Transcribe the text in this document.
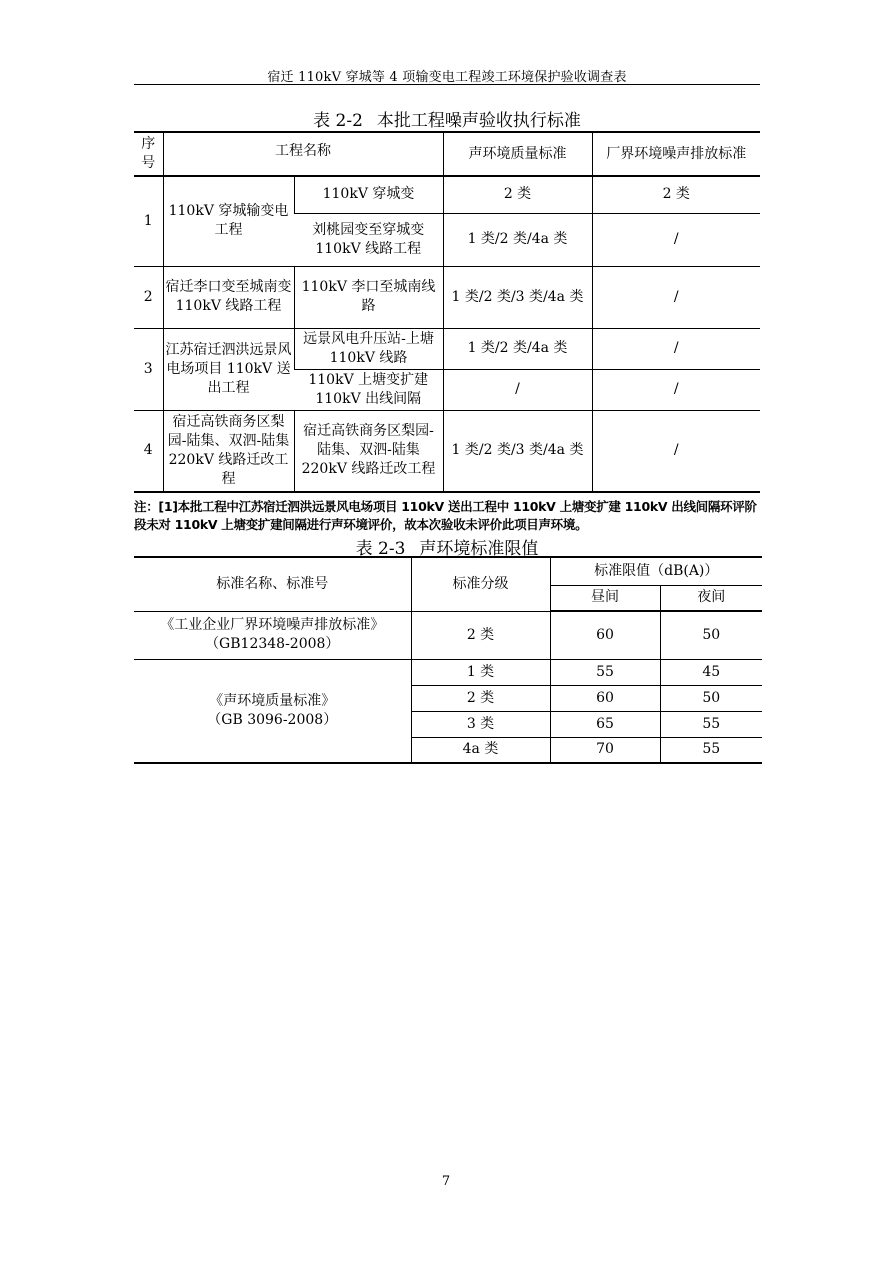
宿迁 110kV 穿城等 4 项输变电工程竣工环境保护验收调查表
表 2-2 本批工程噪声验收执行标准
序号	工程名称		声环境质量标准	厂界环境噪声排放标准
1	110kV 穿城输变电工程	110kV 穿城变	2 类	2 类
		刘桃园变至穿城变 110kV 线路工程	1 类/2 类/4a 类	/
2	宿迁李口变至城南变 110kV 线路工程	110kV 李口至城南线路	1 类/2 类/3 类/4a 类	/
3	江苏宿迁泗洪远景风电场项目 110kV 送出工程	远景风电升压站-上塘 110kV 线路	1 类/2 类/4a 类	/
		110kV 上塘变扩建 110kV 出线间隔	/	/
4	宿迁高铁商务区梨园-陆集、双泗-陆集 220kV 线路迁改工程	宿迁高铁商务区梨园-陆集、双泗-陆集 220kV 线路迁改工程	1 类/2 类/3 类/4a 类	/
注：[1]本批工程中江苏宿迁泗洪远景风电场项目 110kV 送出工程中 110kV 上塘变扩建 110kV 出线间隔环评阶段未对 110kV 上塘变扩建间隔进行声环境评价，故本次验收未评价此项目声环境。
表 2-3 声环境标准限值
标准名称、标准号	标准分级	标准限值（dB(A)）	
		昼间	夜间

《工业企业厂界环境噪声排放标准》
（GB12348-2008）	2 类	60	50

《声环境质量标准》
（GB 3096-2008）	1 类	55	45
	2 类	60	50
	3 类	65	55
	4a 类	70	55
7
